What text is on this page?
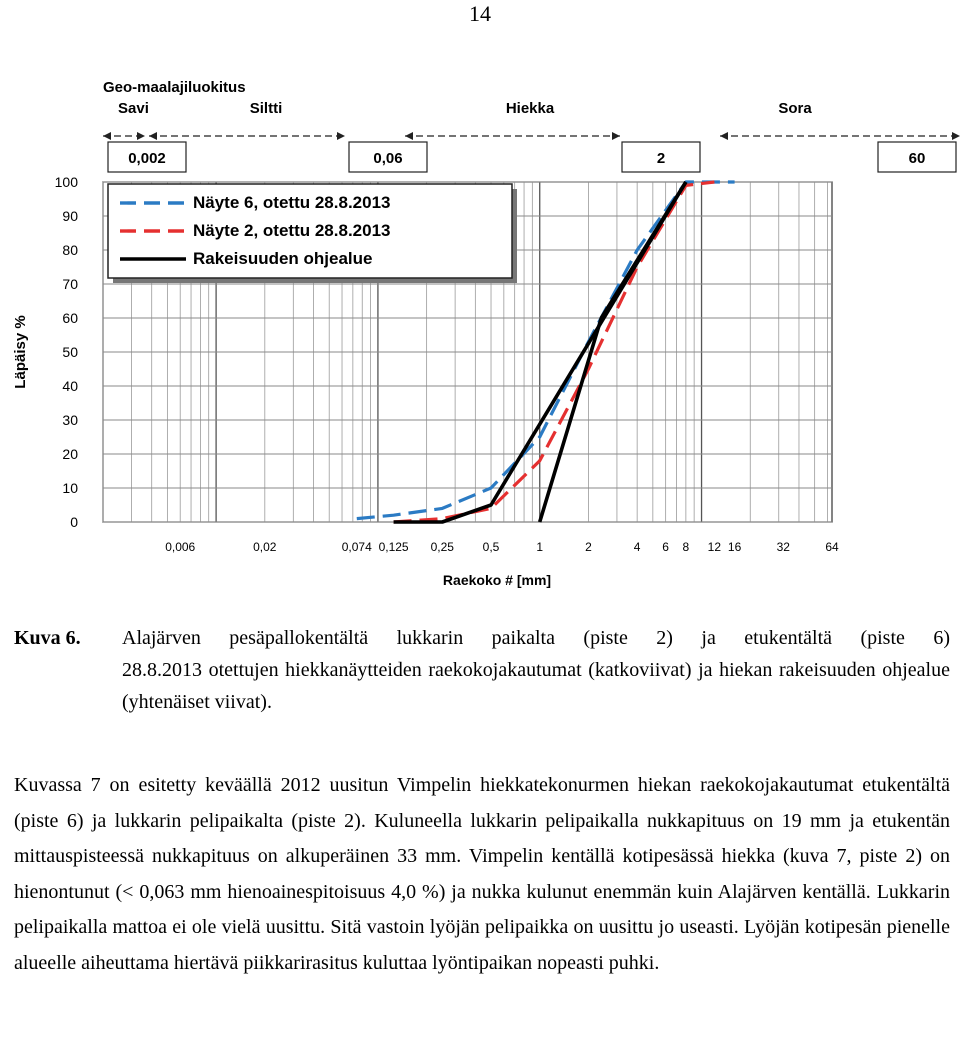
14
Geo-maalajiluokitus
Savi
0,002
Siltti
0,06
Hiekka
2
Sora
60
Näyte 6, otettu 28.8.2013
Näyte 2, otettu 28.8.2013
Rakeisuuden ohjealue
0
10
20
30
40
50
60
70
80
90
100
0,006	0,02	0,074 0,125 0,25 0,5	1	2	4 6 8 12 16	32	64
Läpäisy %
Raekoko # [mm]
Kuva 6.	Alajärven pesäpallokentältä lukkarin paikalta (piste 2) ja etukentältä (piste 6)
28.8.2013 otettujen hiekkanäytteiden raekokojakautumat (katkoviivat) ja hiekan rakeisuuden ohjealue (yhtenäiset viivat).
Kuvassa 7 on esitetty keväällä 2012 uusitun Vimpelin hiekkatekonurmen hiekan raekokojakautumat etukentältä (piste 6) ja lukkarin pelipaikalta (piste 2). Kuluneella lukkarin pelipaikalla nukkapituus on 19 mm ja etukentän mittauspisteessä nukkapituus on alkuperäinen 33 mm. Vimpelin kentällä kotipesässä hiekka (kuva 7, piste 2) on hienontunut (< 0,063 mm hienoainespitoisuus 4,0 %) ja nukka kulunut enemmän kuin Alajärven kentällä. Lukkarin pelipaikalla mattoa ei ole vielä uusittu. Sitä vastoin lyöjän pelipaikka on uusittu jo useasti. Lyöjän kotipesän pienelle alueelle aiheuttama hiertävä piikkarirasitus kuluttaa lyöntipaikan nopeasti puhki.
